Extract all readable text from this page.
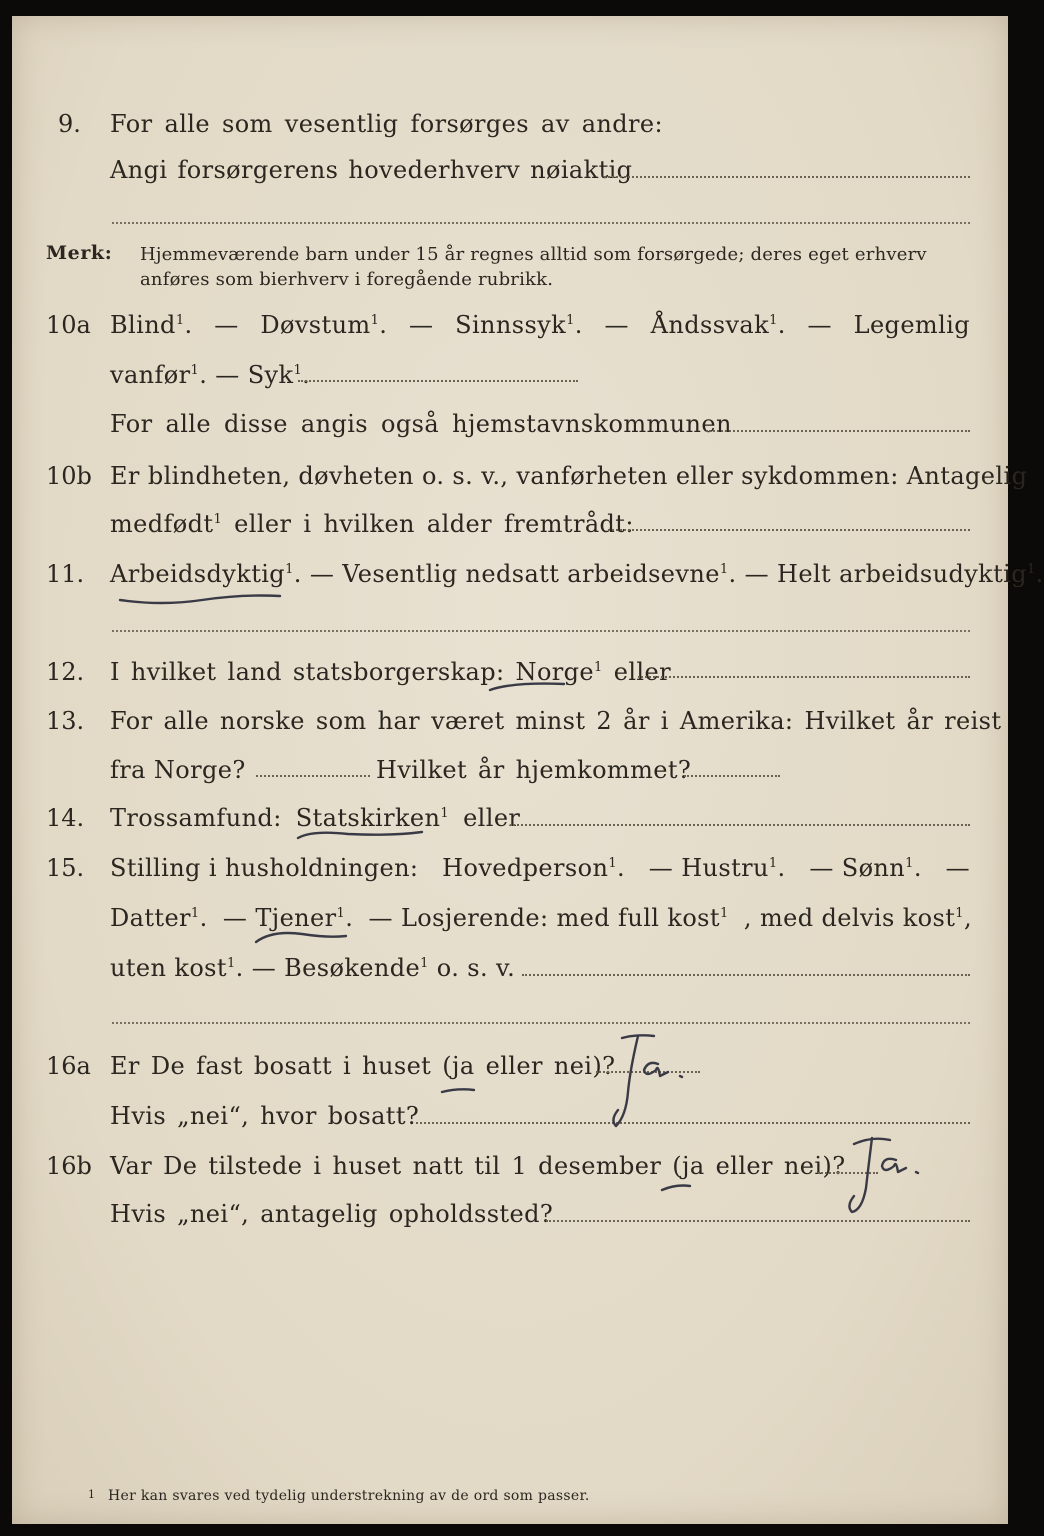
9. For alle som vesentlig forsørges av andre:
Angi forsørgerens hovederhverv nøiaktig
Merk: Hjemmeværende barn under 15 år regnes alltid som forsørgede; deres eget erhverv
anføres som bierhverv i foregående rubrikk.
10a Blind$^1$. — Døvstum$^1$. — Sinnssyk$^1$. — Åndssvak$^1$. — Legemlig
vanfør$^1$. — Syk$^1$.
For alle disse angis også hjemstavnskommunen
10b Er blindheten, døvheten o. s. v., vanførheten eller sykdommen: Antagelig
medfødt$^1$ eller i hvilken alder fremtrådt:
11. Arbeidsdyktig$^1$. — Vesentlig nedsatt arbeidsevne$^1$. — Helt arbeidsudyktig$^1$.
12. I hvilket land statsborgerskap: Norge$^1$ eller
13. For alle norske som har været minst 2 år i Amerika: Hvilket år reist
fra Norge?	Hvilket år hjemkommet?
14. Trossamfund: Statskirken$^1$ eller
15. Stilling i husholdningen: Hovedperson$^1$. — Hustru$^1$. — Sønn$^1$. —
Datter$^1$. — Tjener$^1$. — Losjerende: med full kost$^1$ , med delvis kost$^1$,
uten kost$^1$. — Besøkende$^1$ o. s. v.
16a Er De fast bosatt i huset (ja eller nei)?
Hvis „nei“, hvor bosatt?
16b Var De tilstede i huset natt til 1 desember (ja eller nei)?
Hvis „nei“, antagelig opholdssted?
1 Her kan svares ved tydelig understrekning av de ord som passer.
